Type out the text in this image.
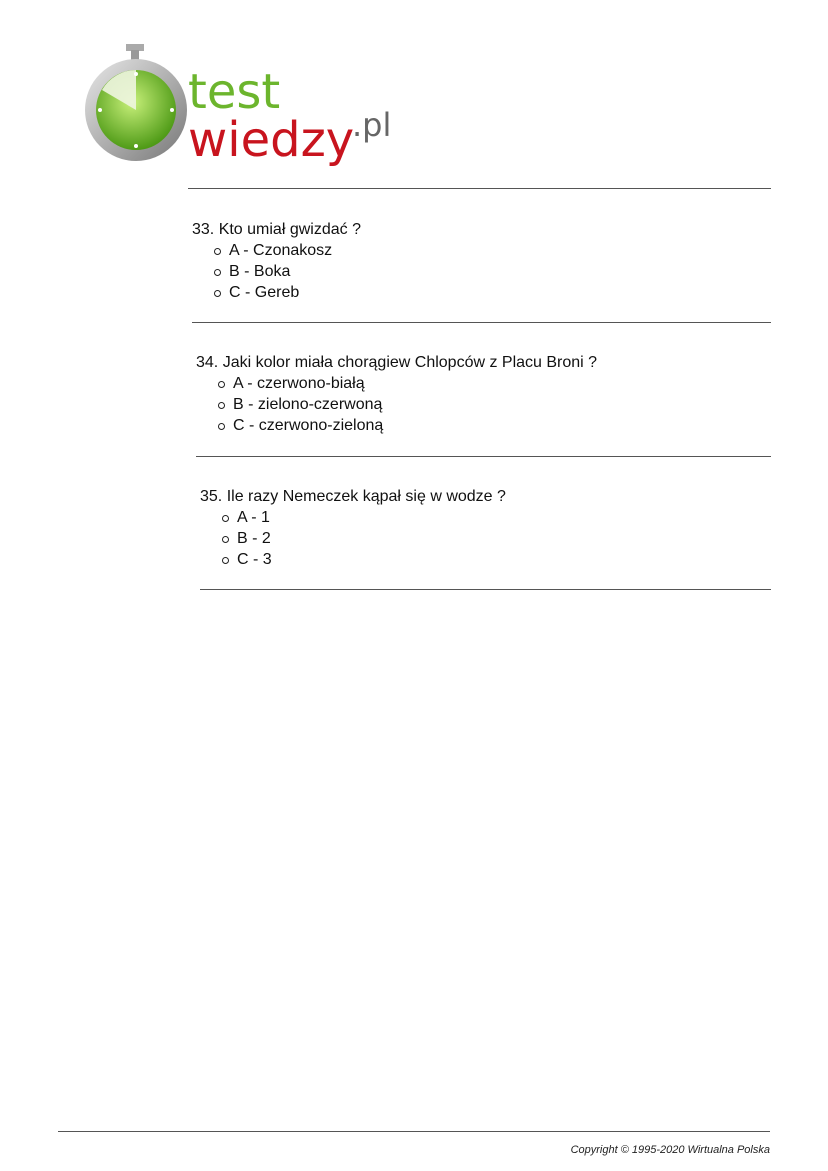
test
wiedzy
.pl
33. Kto umiał gwizdać ?
A - Czonakosz
B - Boka
C - Gereb
34. Jaki kolor miała chorągiew Chlopców z Placu Broni ?
A - czerwono-białą
B - zielono-czerwoną
C - czerwono-zieloną
35. Ile razy Nemeczek kąpał się w wodze ?
A - 1
B - 2
C - 3
Copyright © 1995-2020 Wirtualna Polska
